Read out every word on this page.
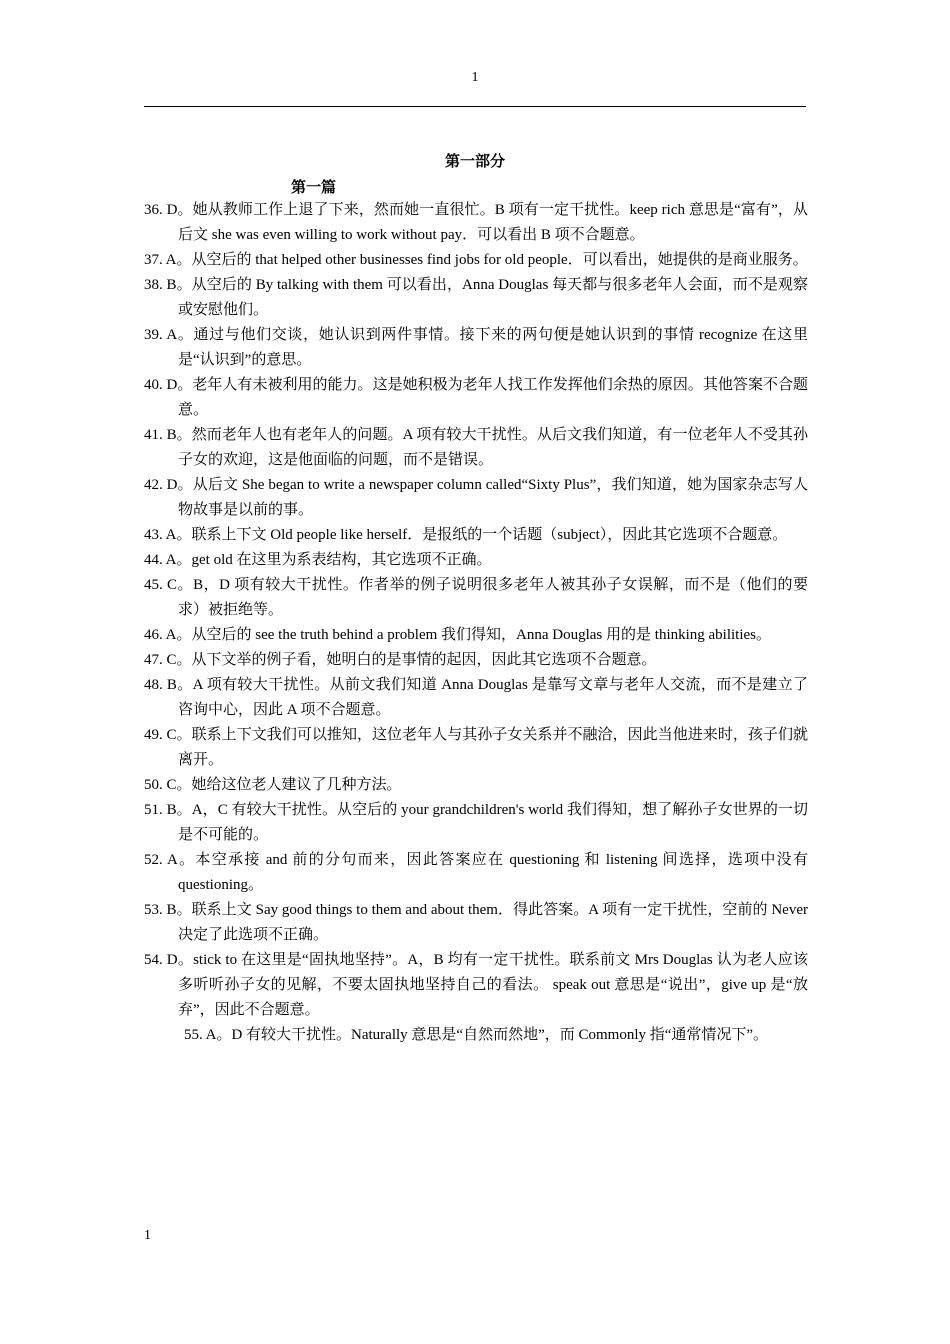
1
第一部分
第一篇

36. D。她从教师工作上退了下来，然而她一直很忙。B 项有一定干扰性。keep rich 意思是“富有”，从后文 she was even willing to work without pay．可以看出 B 项不合题意。

37. A。从空后的 that helped other businesses find jobs for old people．可以看出，她提供的是商业服务。

38. B。从空后的 By talking with them 可以看出，Anna Douglas 每天都与很多老年人会面，而不是观察或安慰他们。

39. A。通过与他们交谈，她认识到两件事情。接下来的两句便是她认识到的事情 recognize 在这里是“认识到”的意思。

40. D。老年人有未被利用的能力。这是她积极为老年人找工作发挥他们余热的原因。其他答案不合题意。

41. B。然而老年人也有老年人的问题。A 项有较大干扰性。从后文我们知道，有一位老年人不受其孙子女的欢迎，这是他面临的问题，而不是错误。

42. D。从后文 She began to write a newspaper column called“Sixty Plus”，我们知道，她为国家杂志写人物故事是以前的事。

43. A。联系上下文 Old people like herself．是报纸的一个话题（subject），因此其它选项不合题意。

44. A。get old 在这里为系表结构，其它选项不正确。

45. C。B，D 项有较大干扰性。作者举的例子说明很多老年人被其孙子女误解，而不是（他们的要求）被拒绝等。

46. A。从空后的 see the truth behind a problem 我们得知，Anna Douglas 用的是 thinking abilities。

47. C。从下文举的例子看，她明白的是事情的起因，因此其它选项不合题意。

48. B。A 项有较大干扰性。从前文我们知道 Anna Douglas 是靠写文章与老年人交流，而不是建立了咨询中心，因此 A 项不合题意。

49. C。联系上下文我们可以推知，这位老年人与其孙子女关系并不融洽，因此当他进来时，孩子们就离开。

50. C。她给这位老人建议了几种方法。

51. B。A，C 有较大干扰性。从空后的 your grandchildren's world 我们得知，想了解孙子女世界的一切是不可能的。

52. A。本空承接 and 前的分句而来，因此答案应在 questioning 和 listening 间选择，选项中没有 questioning。

53. B。联系上文 Say good things to them and about them．得此答案。A 项有一定干扰性，空前的 Never 决定了此选项不正确。

54. D。stick to 在这里是“固执地坚持”。A，B 均有一定干扰性。联系前文 Mrs Douglas 认为老人应该多听听孙子女的见解，不要太固执地坚持自己的看法。 speak out 意思是“说出”，give up 是“放弃”，因此不合题意。

55. A。D 有较大干扰性。Naturally 意思是“自然而然地”，而 Commonly 指“通常情况下”。

1
